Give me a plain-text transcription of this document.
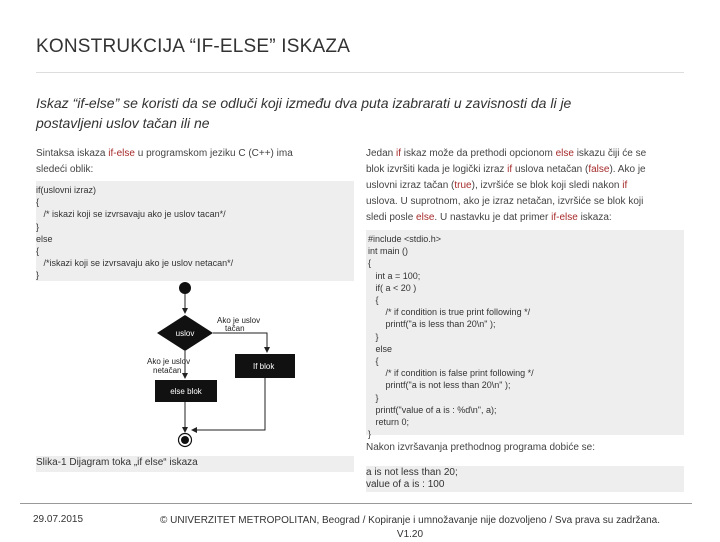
KONSTRUKCIJA “IF-ELSE” ISKAZA
Iskaz “if-else” se koristi da se odluči koji između dva puta izabrarati u zavisnosti da li je
postavljeni uslov tačan ili ne
Sintaksa iskaza if-else u programskom jeziku C (C++) ima
sledeći oblik:
if(uslovni izraz)
{
/* iskazi koji se izvrsavaju ako je uslov tacan*/
}
else
{
/*iskazi koji se izvrsavaju ako je uslov netacan*/
}
Jedan if iskaz može da prethodi opcionom else iskazu čiji će se
blok izvršiti kada je logički izraz if uslova netačan (false). Ako je
uslovni izraz tačan (true), izvršiće se blok koji sledi nakon if
uslova. U suprotnom, ako je izraz netačan, izvršiće se blok koji
sledi posle else. U nastavku je dat primer if-else iskaza:
#include <stdio.h>
int main ()
{
int a = 100;
if( a < 20 )
{
/* if condition is true print following */
printf("a is less than 20\n" );
}
else
{
/* if condition is false print following */
printf("a is not less than 20\n" );
}
printf("value of a is : %d\n", a);
return 0;
}
Nakon izvršavanja prethodnog programa dobiće se:
a is not less than 20;
value of a is : 100
uslov
Ako je uslov
tačan
If blok
Ako je uslov
netačan
else blok
Slika-1 Dijagram toka „if else“ iskaza
29.07.2015	© UNIVERZITET METROPOLITAN, Beograd / Kopiranje i umnožavanje nije dozvoljeno / Sva prava su zadržana.
V1.20
